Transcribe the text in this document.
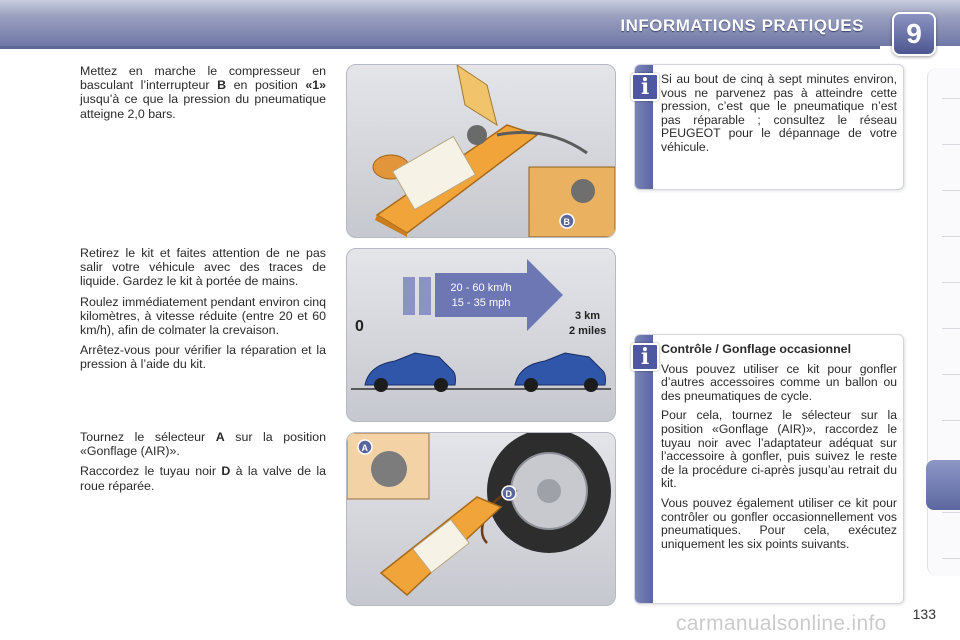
INFORMATIONS PRATIQUES	9
Mettez en marche le compresseur en basculant l’interrupteur B en position «1» jusqu’à ce que la pression du pneumatique atteigne 2,0 bars.
Retirez le kit et faites attention de ne pas salir votre véhicule avec des traces de liquide. Gardez le kit à portée de mains.
Roulez immédiatement pendant environ cinq kilomètres, à vitesse réduite (entre 20 et 60 km/h), afin de colmater la crevaison.
Arrêtez-vous pour vérifier la réparation et la pression à l’aide du kit.
Tournez le sélecteur A sur la position «Gonflage (AIR)».
Raccordez le tuyau noir D à la valve de la roue réparée.
B
20 - 60 km/h
15 - 35 mph
0
3 km
2 miles
A
D
i Si au bout de cinq à sept minutes environ, vous ne parvenez pas à atteindre cette pression, c’est que le pneumatique n’est pas réparable ; consultez le réseau PEUGEOT pour le dépannage de votre véhicule.

i Contrôle / Gonflage occasionnel

Vous pouvez utiliser ce kit pour gonfler d’autres accessoires comme un ballon ou des pneumatiques de cycle.

Pour cela, tournez le sélecteur sur la position «Gonflage (AIR)», raccordez le tuyau noir avec l’adaptateur adéquat sur l’accessoire à gonfler, puis suivez le reste de la procédure ci-après jusqu’au retrait du kit.

Vous pouvez également utiliser ce kit pour contrôler ou gonfler occasionnellement vos pneumatiques. Pour cela, exécutez uniquement les six points suivants.

133
carmanualsonline.info
